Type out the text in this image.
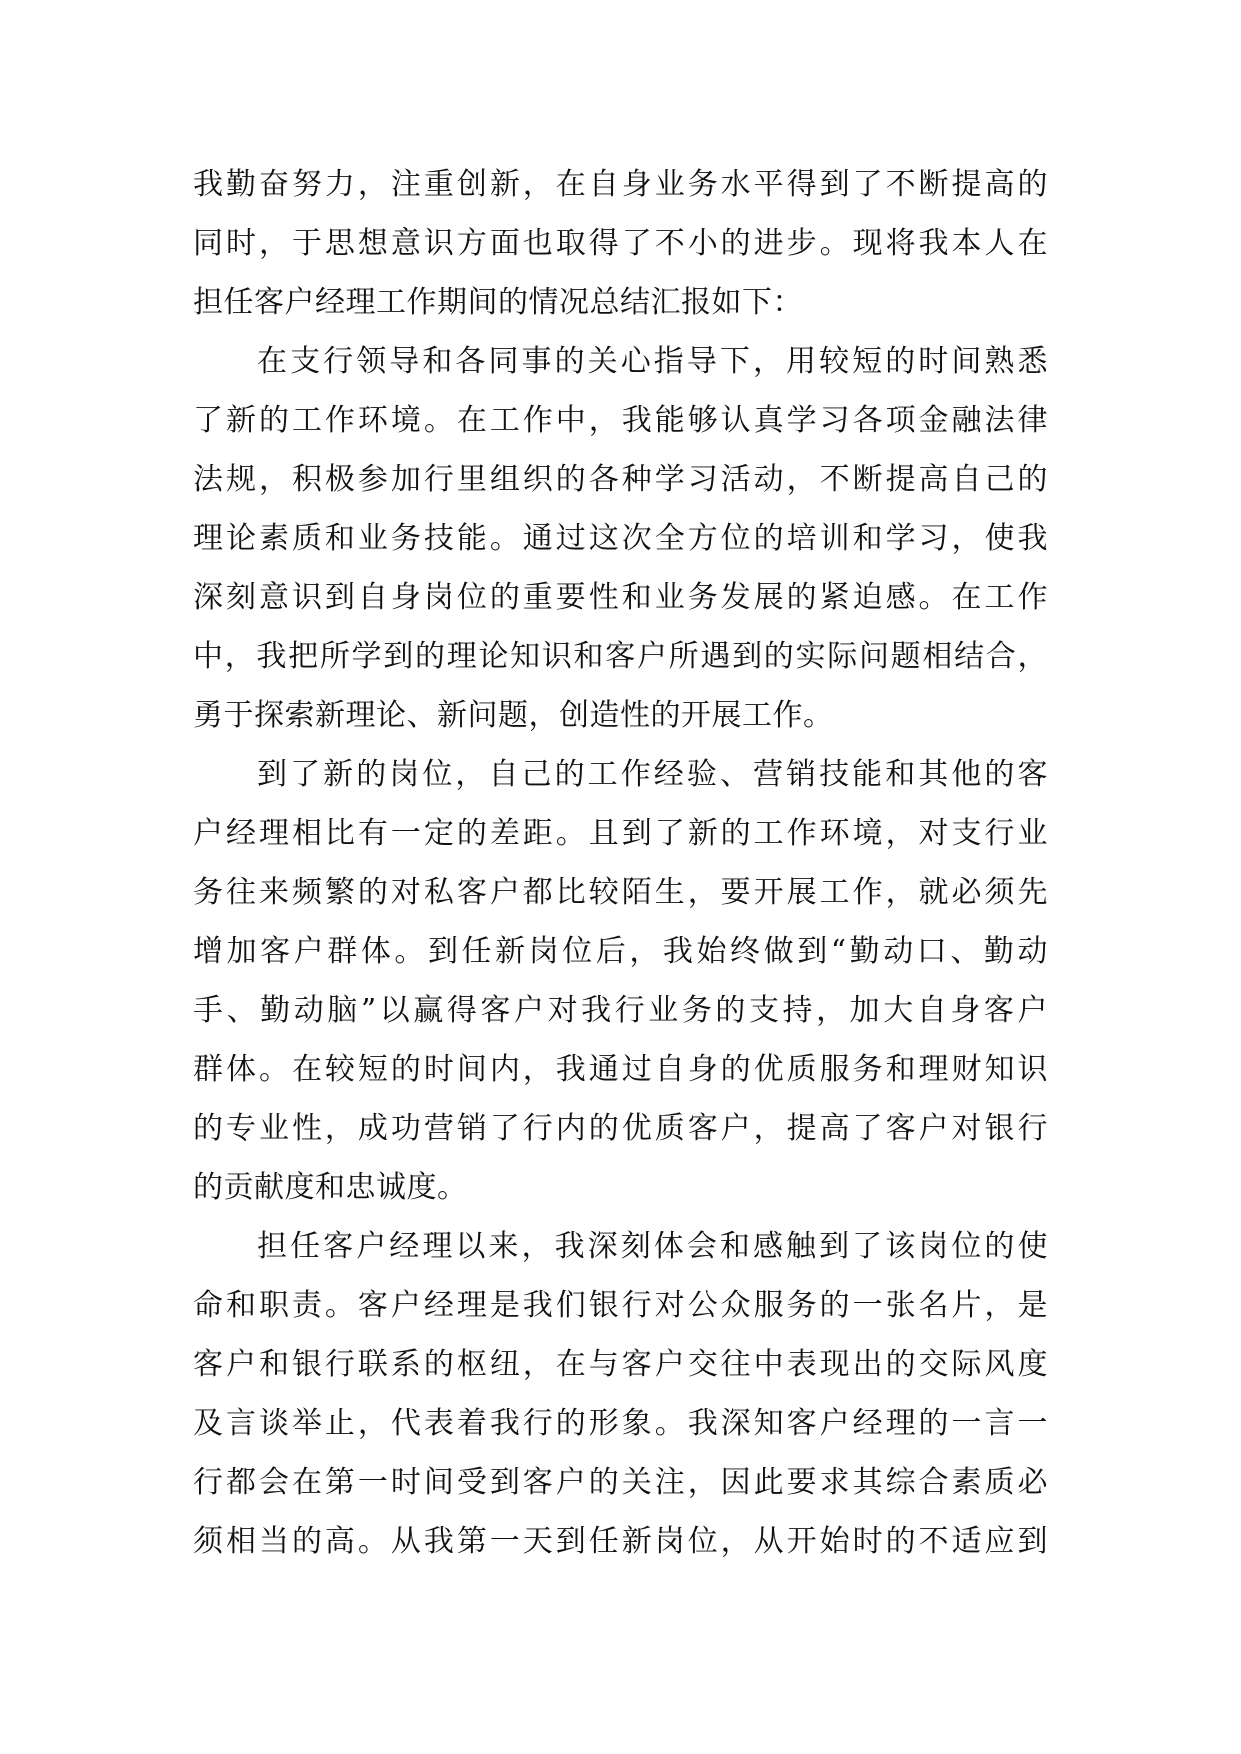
我勤奋努力，注重创新，在自身业务水平得到了不断提高的
同时，于思想意识方面也取得了不小的进步。现将我本人在
担任客户经理工作期间的情况总结汇报如下：
在支行领导和各同事的关心指导下，用较短的时间熟悉
了新的工作环境。在工作中，我能够认真学习各项金融法律
法规，积极参加行里组织的各种学习活动，不断提高自己的
理论素质和业务技能。通过这次全方位的培训和学习，使我
深刻意识到自身岗位的重要性和业务发展的紧迫感。在工作
中，我把所学到的理论知识和客户所遇到的实际问题相结合，
勇于探索新理论、新问题，创造性的开展工作。
到了新的岗位，自己的工作经验、营销技能和其他的客
户经理相比有一定的差距。且到了新的工作环境，对支行业
务往来频繁的对私客户都比较陌生，要开展工作，就必须先
增加客户群体。到任新岗位后，我始终做到“勤动口、勤动
手、勤动脑”以赢得客户对我行业务的支持，加大自身客户
群体。在较短的时间内，我通过自身的优质服务和理财知识
的专业性，成功营销了行内的优质客户，提高了客户对银行
的贡献度和忠诚度。
担任客户经理以来，我深刻体会和感触到了该岗位的使
命和职责。客户经理是我们银行对公众服务的一张名片，是
客户和银行联系的枢纽，在与客户交往中表现出的交际风度
及言谈举止，代表着我行的形象。我深知客户经理的一言一
行都会在第一时间受到客户的关注，因此要求其综合素质必
须相当的高。从我第一天到任新岗位，从开始时的不适应到
